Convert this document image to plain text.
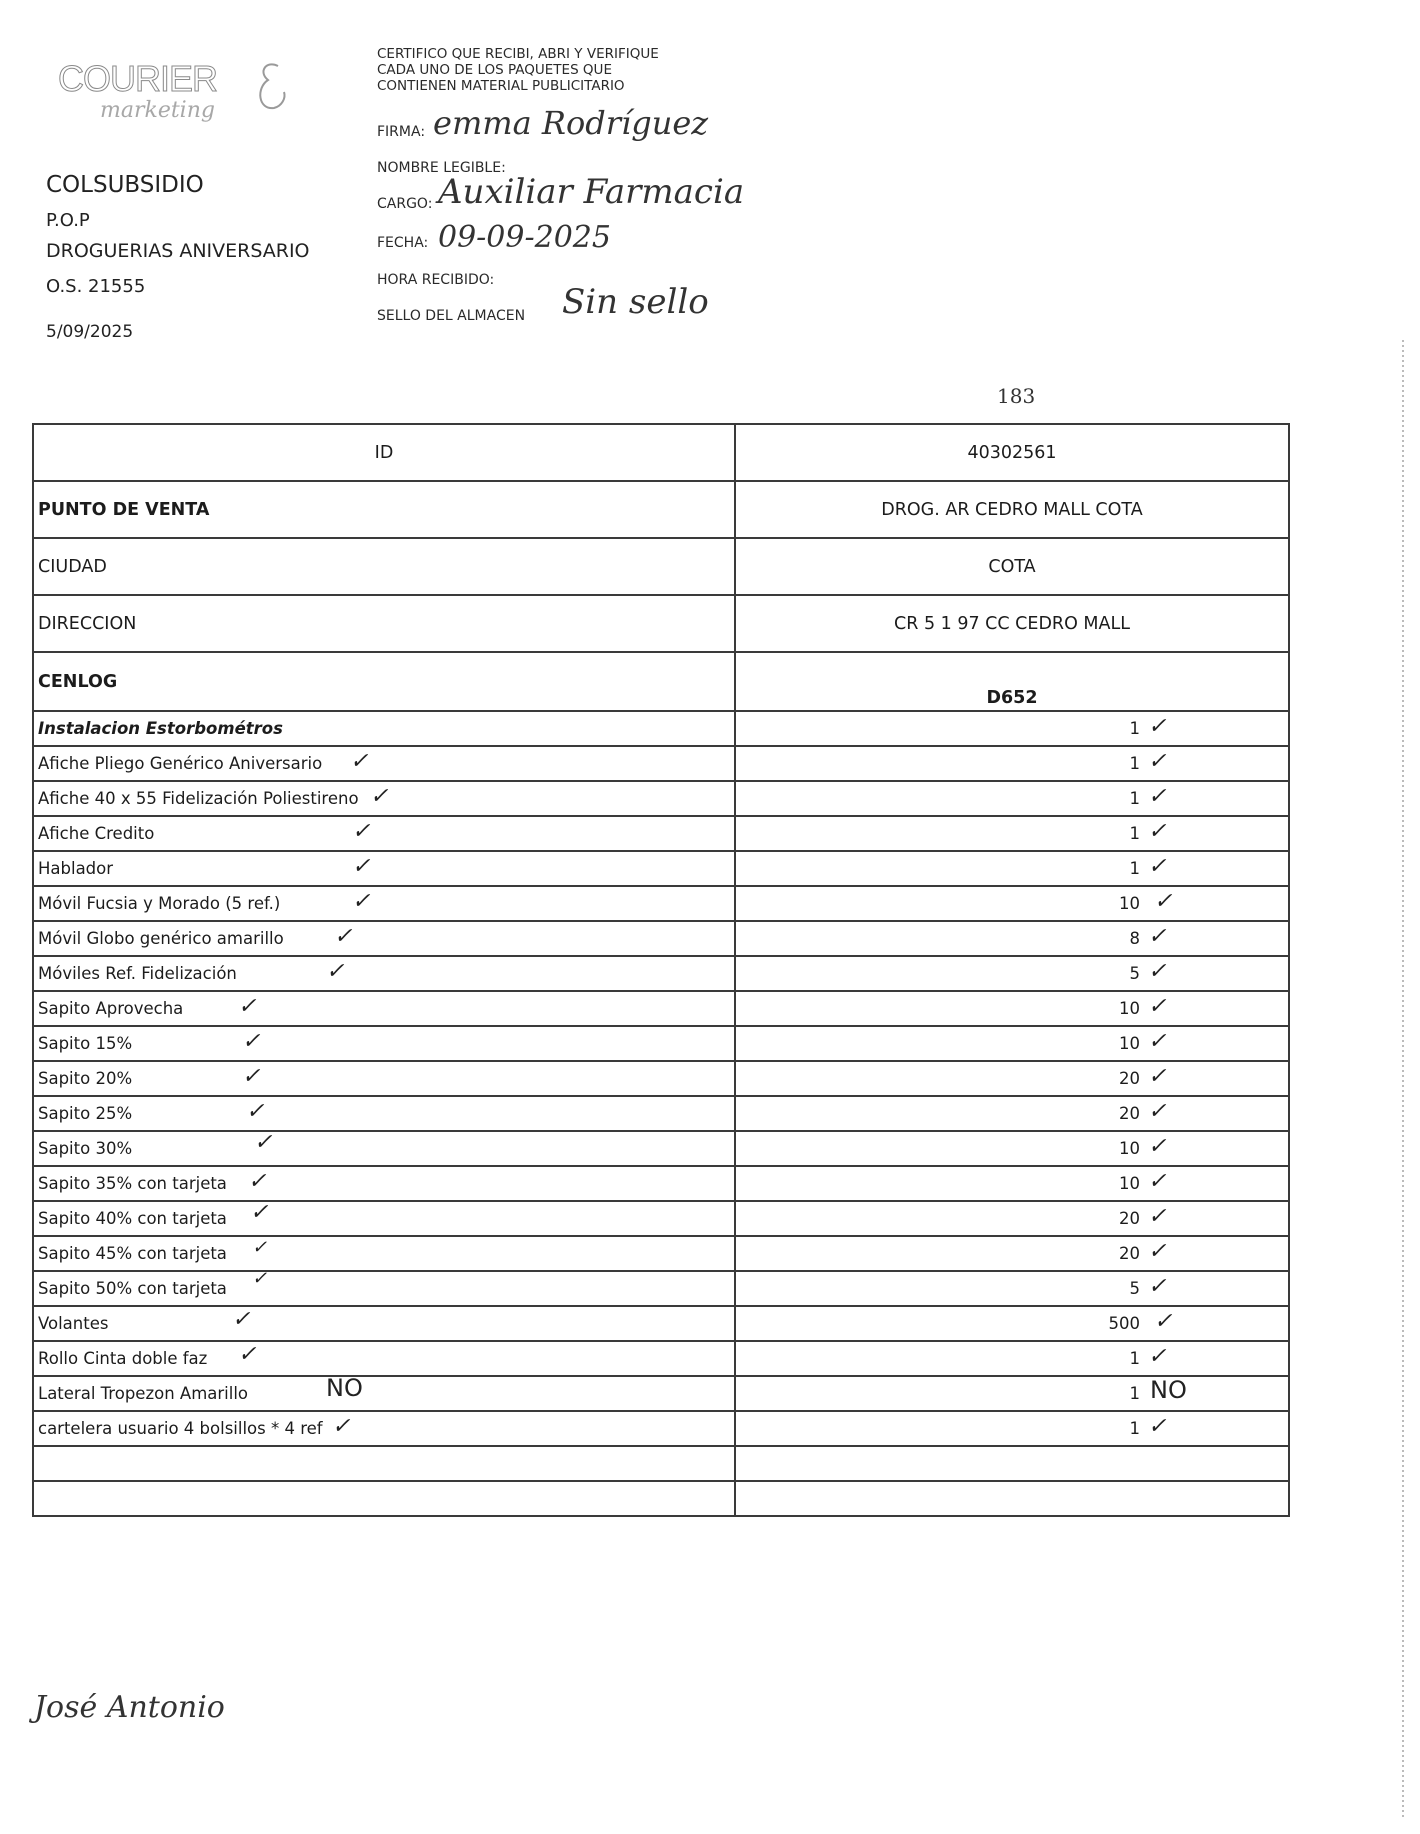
COURIER
marketing
COLSUBSIDIO
P.O.P
DROGUERIAS ANIVERSARIO
O.S. 21555
5/09/2025
CERTIFICO QUE RECIBI, ABRI Y VERIFIQUE
CADA UNO DE LOS PAQUETES QUE
CONTIENEN MATERIAL PUBLICITARIO
FIRMA: emma Rodríguez
NOMBRE LEGIBLE:
CARGO: Auxiliar Farmacia
FECHA: 09-09-2025
HORA RECIBIDO:
SELLO DEL ALMACEN Sin sello
183
ID	40302561
PUNTO DE VENTA	DROG. AR CEDRO MALL COTA
CIUDAD	COTA
DIRECCION	CR 5 1 97 CC CEDRO MALL
CENLOG	D652
Instalacion Estorbométros	1 ✓

Afiche Pliego Genérico Aniversario ✓	1 ✓

Afiche 40 x 55 Fidelización Poliestireno ✓	1 ✓

Afiche Credito ✓	1 ✓

Hablador ✓	1 ✓

Móvil Fucsia y Morado (5 ref.) ✓	10 ✓

Móvil Globo genérico amarillo ✓	8 ✓

Móviles Ref. Fidelización ✓	5 ✓

Sapito Aprovecha ✓	10 ✓

Sapito 15% ✓	10 ✓

Sapito 20% ✓	20 ✓

Sapito 25% ✓	20 ✓

Sapito 30% ✓	10 ✓

Sapito 35% con tarjeta ✓	10 ✓

Sapito 40% con tarjeta ✓	20 ✓

Sapito 45% con tarjeta ✓	20 ✓

Sapito 50% con tarjeta ✓	5 ✓

Volantes ✓	500 ✓

Rollo Cinta doble faz ✓	1 ✓

Lateral Tropezon Amarillo NO	1 NO

cartelera usuario 4 bolsillos * 4 ref ✓	1 ✓

José Antonio
